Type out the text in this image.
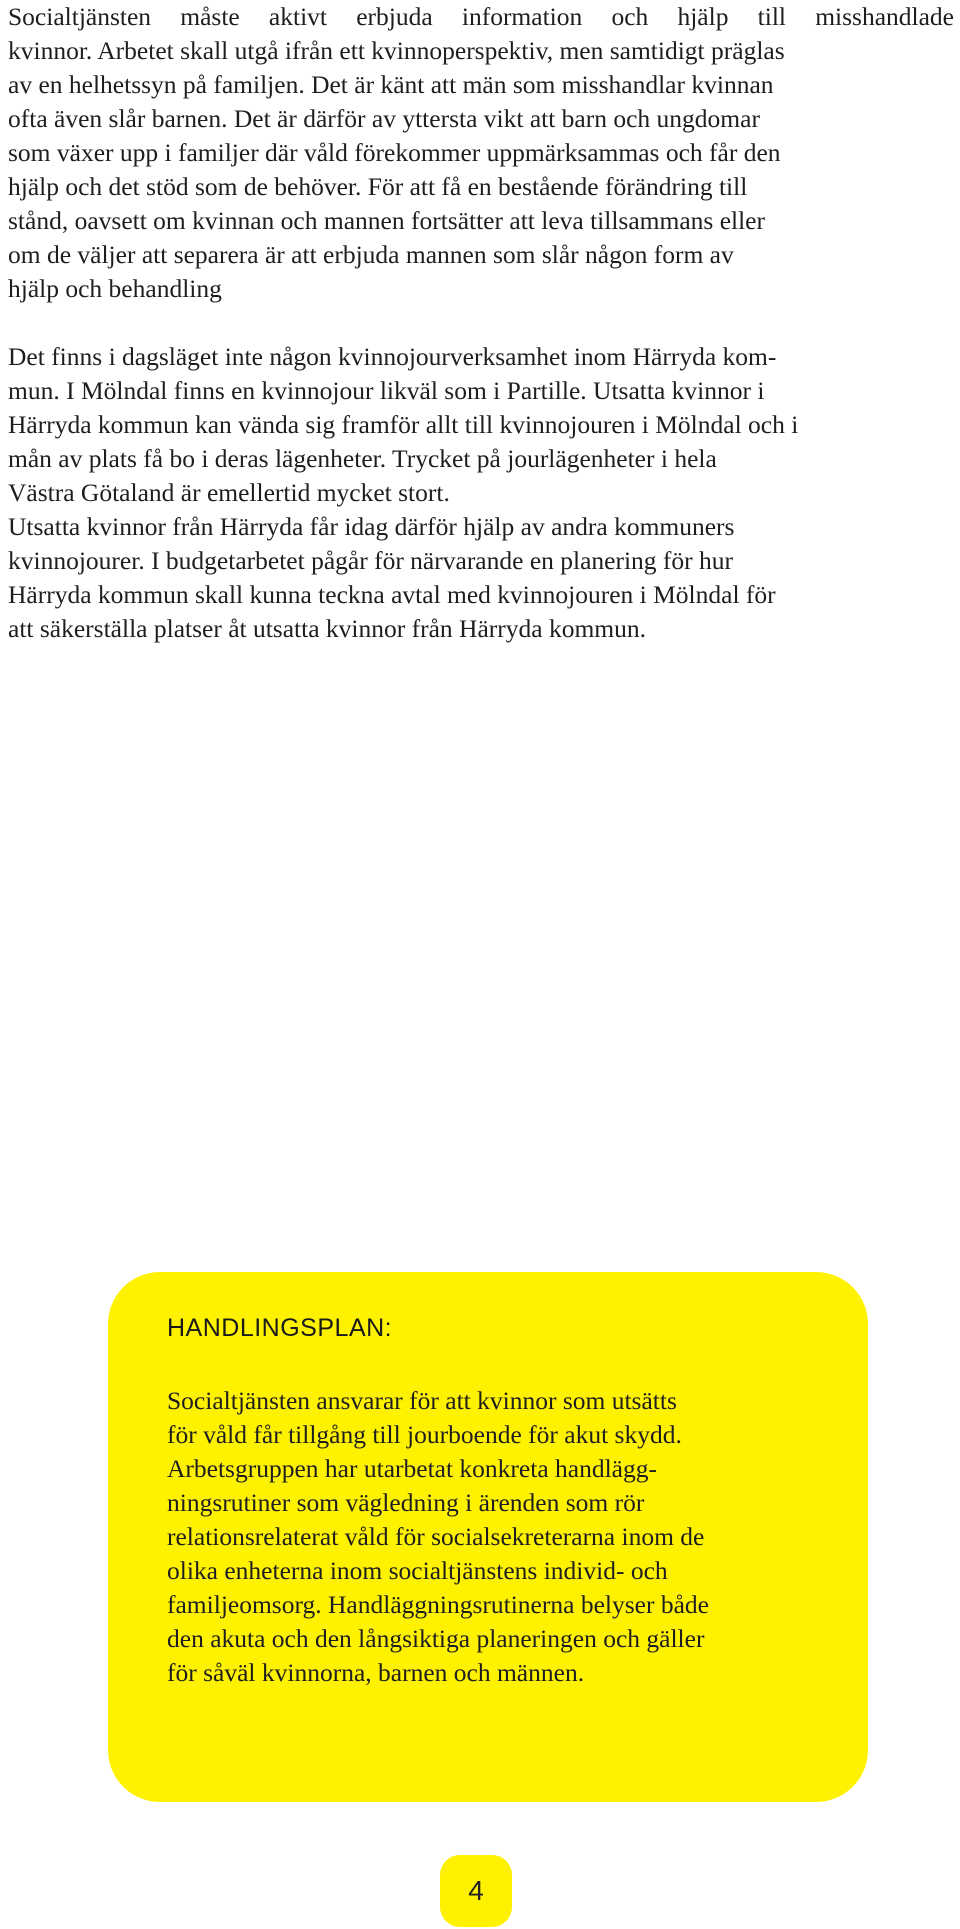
Socialtjänsten måste aktivt erbjuda information och hjälp till misshandlade

kvinnor. Arbetet skall utgå ifrån ett kvinnoperspektiv, men samtidigt präglas

av en helhetssyn på familjen. Det är känt att män som misshandlar kvinnan

ofta även slår barnen. Det är därför av yttersta vikt att barn och ungdomar

som växer upp i familjer där våld förekommer uppmärksammas och får den

hjälp och det stöd som de behöver. För att få en bestående förändring till

stånd, oavsett om kvinnan och mannen fortsätter att leva tillsammans eller

om de väljer att separera är att erbjuda mannen som slår någon form av

hjälp och behandling

Det finns i dagsläget inte någon kvinnojourverksamhet inom Härryda kom-

mun. I Mölndal finns en kvinnojour likväl som i Partille. Utsatta kvinnor i

Härryda kommun kan vända sig framför allt till kvinnojouren i Mölndal och i

mån av plats få bo i deras lägenheter. Trycket på jourlägenheter i hela

Västra Götaland är emellertid mycket stort.

Utsatta kvinnor från Härryda får idag därför hjälp av andra kommuners

kvinnojourer. I budgetarbetet pågår för närvarande en planering för hur

Härryda kommun skall kunna teckna avtal med kvinnojouren i Mölndal för

att säkerställa platser åt utsatta kvinnor från Härryda kommun.

HANDLINGSPLAN:

Socialtjänsten ansvarar för att kvinnor som utsätts

för våld får tillgång till jourboende för akut skydd.

Arbetsgruppen har utarbetat konkreta handlägg-

ningsrutiner som vägledning i ärenden som rör

relationsrelaterat våld för socialsekreterarna inom de

olika enheterna inom socialtjänstens individ- och

familjeomsorg. Handläggningsrutinerna belyser både

den akuta och den långsiktiga planeringen och gäller

för såväl kvinnorna, barnen och männen.

4
